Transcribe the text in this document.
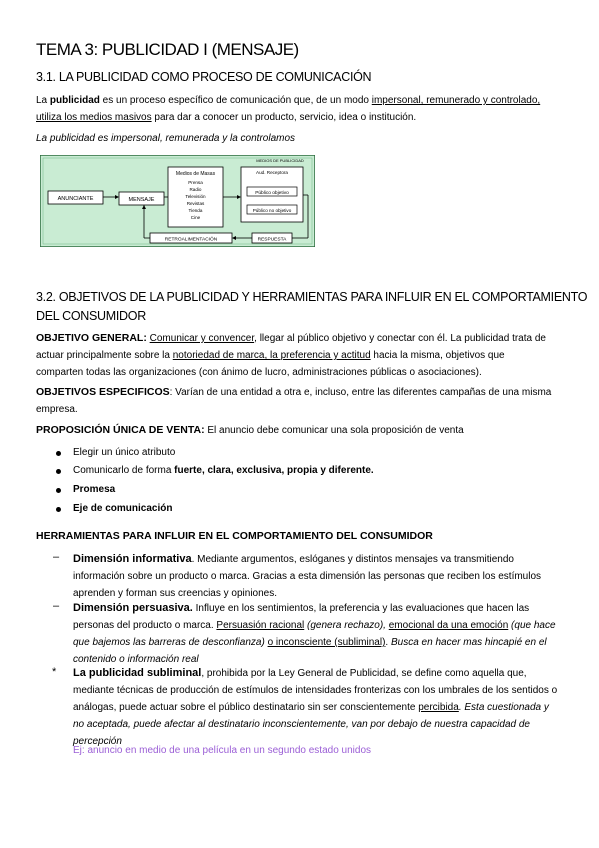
TEMA 3: PUBLICIDAD I (MENSAJE)
3.1. LA PUBLICIDAD COMO PROCESO DE COMUNICACIÓN
La publicidad es un proceso específico de comunicación que, de un modo impersonal, remunerado y controlado,
utiliza los medios masivos para dar a conocer un producto, servicio, idea o institución.
La publicidad es impersonal, remunerada y la controlamos
MEDIOS DE PUBLICIDAD
ANUNCIANTE	MENSAJE
Medios de Masas
Prensa
Radio
Televisión
Revistas
Tienda
Cine
Aud. Receptora
Público objetivo
Público no objetivo
RESPUESTA
RETROALIMENTACIÓN
3.2. OBJETIVOS DE LA PUBLICIDAD Y HERRAMIENTAS PARA INFLUIR EN EL COMPORTAMIENTO
DEL CONSUMIDOR
OBJETIVO GENERAL: Comunicar y convencer, llegar al público objetivo y conectar con él. La publicidad trata de
actuar principalmente sobre la notoriedad de marca, la preferencia y actitud hacia la misma, objetivos que
comparten todas las organizaciones (con ánimo de lucro, administraciones públicas o asociaciones).
OBJETIVOS ESPECIFICOS: Varían de una entidad a otra e, incluso, entre las diferentes campañas de una misma
empresa.
PROPOSICIÓN ÚNICA DE VENTA: El anuncio debe comunicar una sola proposición de venta
Elegir un único atributo
Comunicarlo de forma fuerte, clara, exclusiva, propia y diferente.
Promesa
Eje de comunicación
HERRAMIENTAS PARA INFLUIR EN EL COMPORTAMIENTO DEL CONSUMIDOR
– Dimensión informativa. Mediante argumentos, eslóganes y distintos mensajes va transmitiendo
información sobre un producto o marca. Gracias a esta dimensión las personas que reciben los estímulos
aprenden y forman sus creencias y opiniones.
– Dimensión persuasiva. Influye en los sentimientos, la preferencia y las evaluaciones que hacen las
personas del producto o marca. Persuasión racional (genera rechazo), emocional da una emoción (que hace
que bajemos las barreras de desconfianza) o inconsciente (subliminal). Busca en hacer mas hincapié en el
contenido o información real
* La publicidad subliminal, prohibida por la Ley General de Publicidad, se define como aquella que,
mediante técnicas de producción de estímulos de intensidades fronterizas con los umbrales de los sentidos o
análogas, puede actuar sobre el público destinatario sin ser conscientemente percibida. Esta cuestionada y
no aceptada, puede afectar al destinatario inconscientemente, van por debajo de nuestra capacidad de
percepción
Ej: anuncio en medio de una película en un segundo estado unidos
